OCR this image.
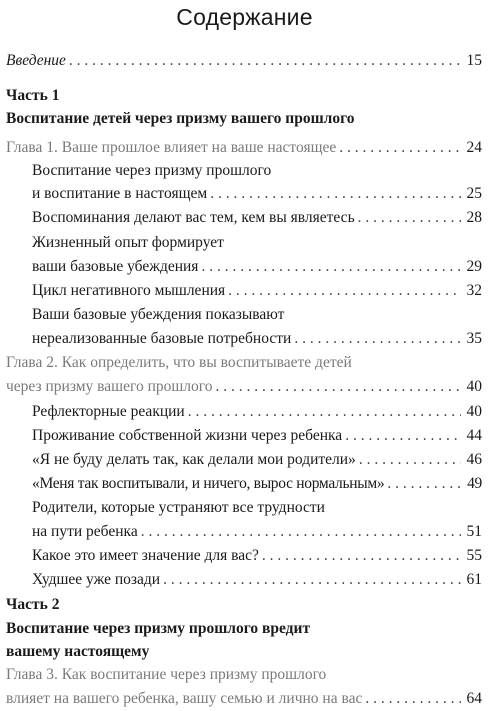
Содержание
Введение . . .	15
Часть 1
Воспитание детей через призму вашего прошлого
Глава 1. Ваше прошлое влияет на ваше настоящее . . .	24
Воспитание через призму прошлого
и воспитание в настоящем . . .	25
Воспоминания делают вас тем, кем вы являетесь . . .	28
Жизненный опыт формирует
ваши базовые убеждения . . .	29
Цикл негативного мышления . . .	32
Ваши базовые убеждения показывают
нереализованные базовые потребности . . .	35
Глава 2. Как определить, что вы воспитываете детей
через призму вашего прошлого . . .	40
Рефлекторные реакции . . .	40
Проживание собственной жизни через ребенка . . .	44
«Я не буду делать так, как делали мои родители» . . .	46
«Меня так воспитывали, и ничего, вырос нормальным» . . .	49
Родители, которые устраняют все трудности
на пути ребенка . . .	51
Какое это имеет значение для вас? . . .	55
Худшее уже позади . . .	61
Часть 2
Воспитание через призму прошлого вредит
вашему настоящему
Глава 3. Как воспитание через призму прошлого
влияет на вашего ребенка, вашу семью и лично на вас . . .	64
